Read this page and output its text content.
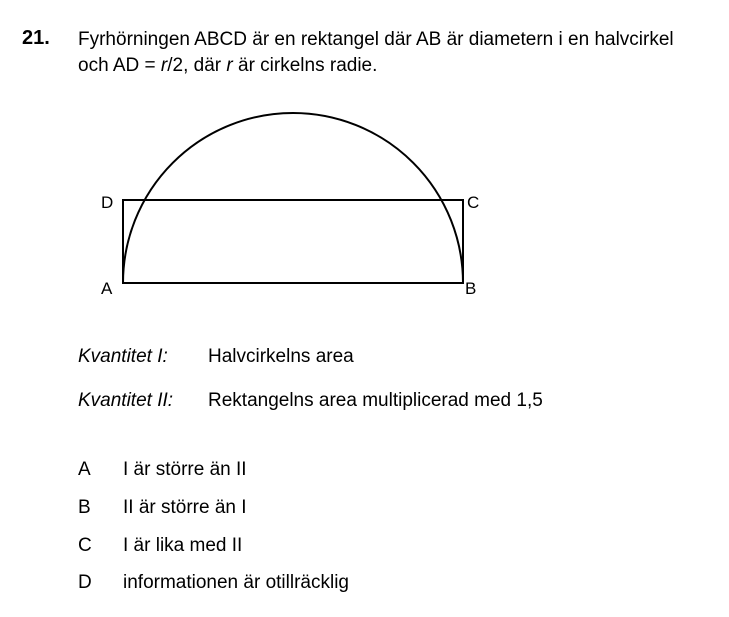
21. Fyrhörningen ABCD är en rektangel där AB är diametern i en halvcirkel
och AD = r/2, där r är cirkelns radie.
D	C
A	B
Kvantitet I: Halvcirkelns area
Kvantitet II: Rektangelns area multiplicerad med 1,5
A	I är större än II
B	II är större än I
C	I är lika med II
D	informationen är otillräcklig
